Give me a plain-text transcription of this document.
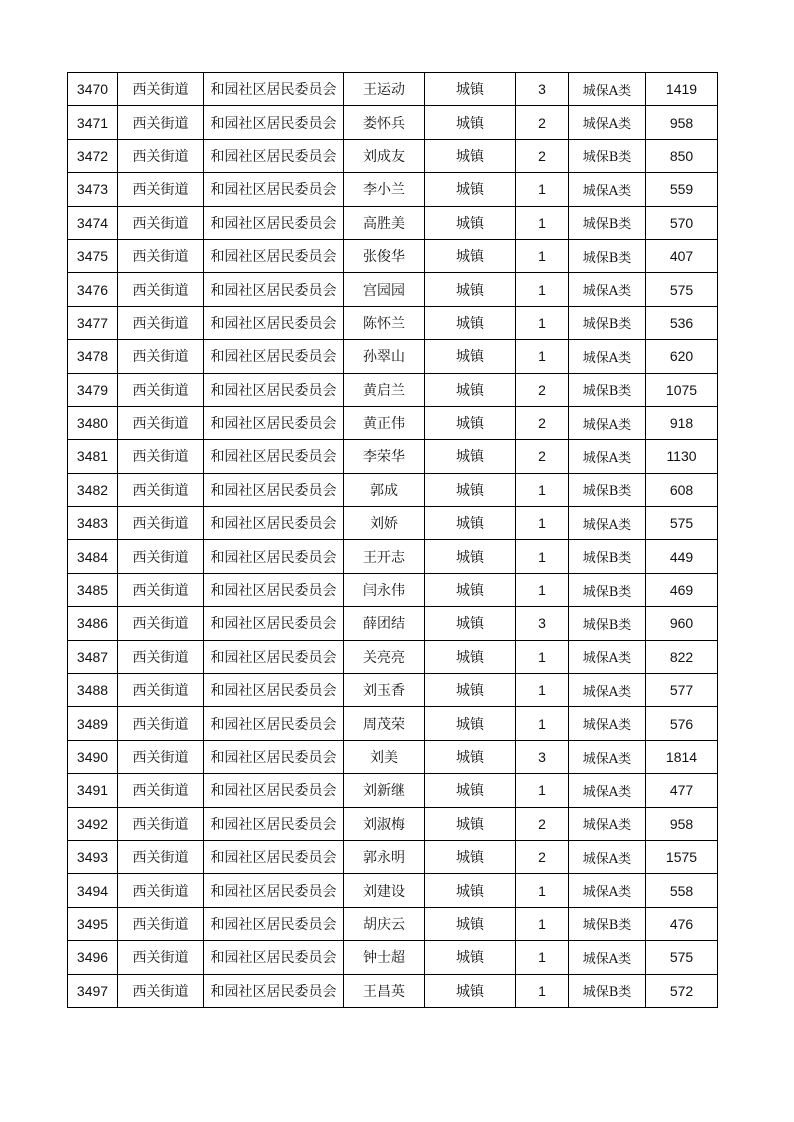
3470	西关街道	和园社区居民委员会	王运动	城镇	3	城保A类	1419
3471	西关街道	和园社区居民委员会	娄怀兵	城镇	2	城保A类	958
3472	西关街道	和园社区居民委员会	刘成友	城镇	2	城保B类	850
3473	西关街道	和园社区居民委员会	李小兰	城镇	1	城保A类	559
3474	西关街道	和园社区居民委员会	高胜美	城镇	1	城保B类	570
3475	西关街道	和园社区居民委员会	张俊华	城镇	1	城保B类	407
3476	西关街道	和园社区居民委员会	宫园园	城镇	1	城保A类	575
3477	西关街道	和园社区居民委员会	陈怀兰	城镇	1	城保B类	536
3478	西关街道	和园社区居民委员会	孙翠山	城镇	1	城保A类	620
3479	西关街道	和园社区居民委员会	黄启兰	城镇	2	城保B类	1075
3480	西关街道	和园社区居民委员会	黄正伟	城镇	2	城保A类	918
3481	西关街道	和园社区居民委员会	李荣华	城镇	2	城保A类	1130
3482	西关街道	和园社区居民委员会	郭成	城镇	1	城保B类	608
3483	西关街道	和园社区居民委员会	刘娇	城镇	1	城保A类	575
3484	西关街道	和园社区居民委员会	王开志	城镇	1	城保B类	449
3485	西关街道	和园社区居民委员会	闫永伟	城镇	1	城保B类	469
3486	西关街道	和园社区居民委员会	薛团结	城镇	3	城保B类	960
3487	西关街道	和园社区居民委员会	关亮亮	城镇	1	城保A类	822
3488	西关街道	和园社区居民委员会	刘玉香	城镇	1	城保A类	577
3489	西关街道	和园社区居民委员会	周茂荣	城镇	1	城保A类	576
3490	西关街道	和园社区居民委员会	刘美	城镇	3	城保A类	1814
3491	西关街道	和园社区居民委员会	刘新继	城镇	1	城保A类	477
3492	西关街道	和园社区居民委员会	刘淑梅	城镇	2	城保A类	958
3493	西关街道	和园社区居民委员会	郭永明	城镇	2	城保A类	1575
3494	西关街道	和园社区居民委员会	刘建设	城镇	1	城保A类	558
3495	西关街道	和园社区居民委员会	胡庆云	城镇	1	城保B类	476
3496	西关街道	和园社区居民委员会	钟士超	城镇	1	城保A类	575
3497	西关街道	和园社区居民委员会	王昌英	城镇	1	城保B类	572
